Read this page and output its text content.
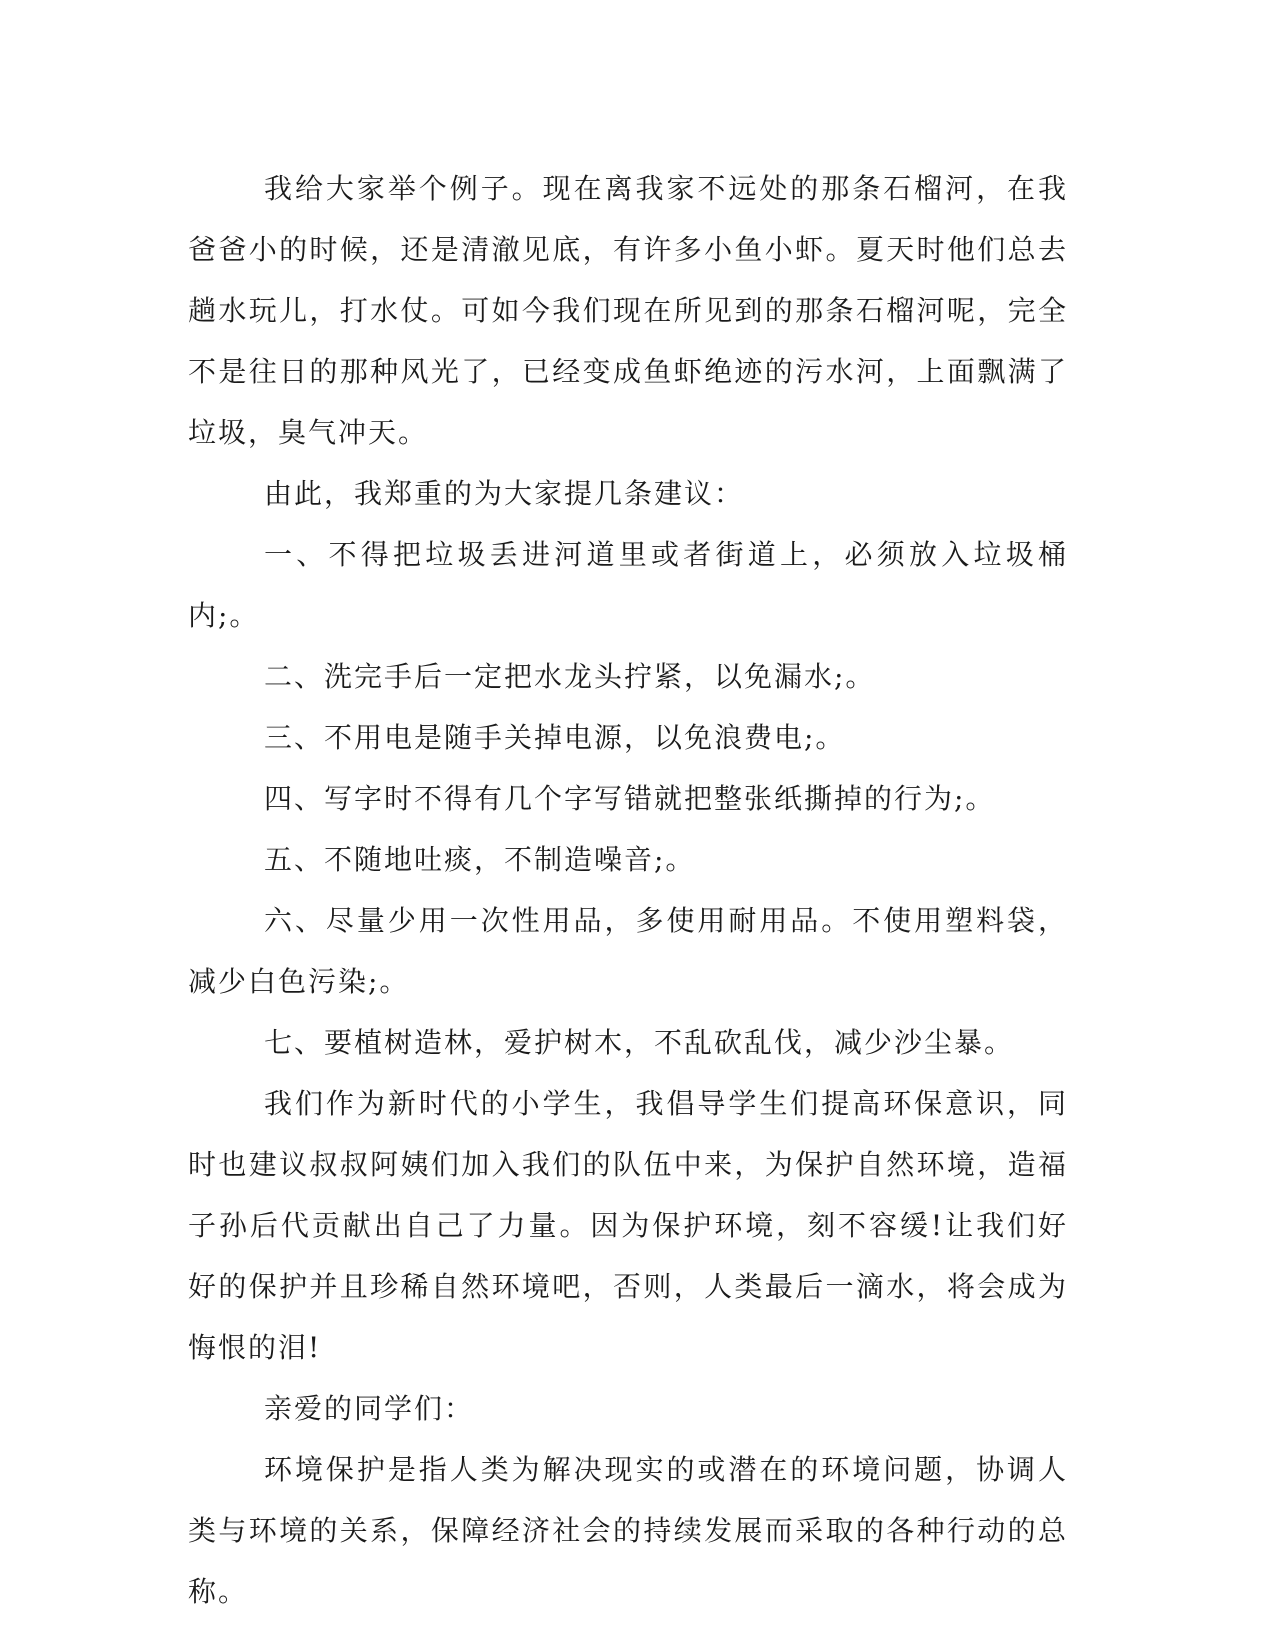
我给大家举个例子。现在离我家不远处的那条石榴河，在我爸爸小的时候，还是清澈见底，有许多小鱼小虾。夏天时他们总去趟水玩儿，打水仗。可如今我们现在所见到的那条石榴河呢，完全不是往日的那种风光了，已经变成鱼虾绝迹的污水河，上面飘满了垃圾，臭气冲天。

由此，我郑重的为大家提几条建议：

一、不得把垃圾丢进河道里或者街道上，必须放入垃圾桶内;。

二、洗完手后一定把水龙头拧紧，以免漏水;。

三、不用电是随手关掉电源，以免浪费电;。

四、写字时不得有几个字写错就把整张纸撕掉的行为;。

五、不随地吐痰，不制造噪音;。

六、尽量少用一次性用品，多使用耐用品。不使用塑料袋，减少白色污染;。

七、要植树造林，爱护树木，不乱砍乱伐，减少沙尘暴。

我们作为新时代的小学生，我倡导学生们提高环保意识，同时也建议叔叔阿姨们加入我们的队伍中来，为保护自然环境，造福子孙后代贡献出自己了力量。因为保护环境，刻不容缓!让我们好好的保护并且珍稀自然环境吧，否则，人类最后一滴水，将会成为悔恨的泪!

亲爱的同学们：

环境保护是指人类为解决现实的或潜在的环境问题，协调人类与环境的关系，保障经济社会的持续发展而采取的各种行动的总称。
